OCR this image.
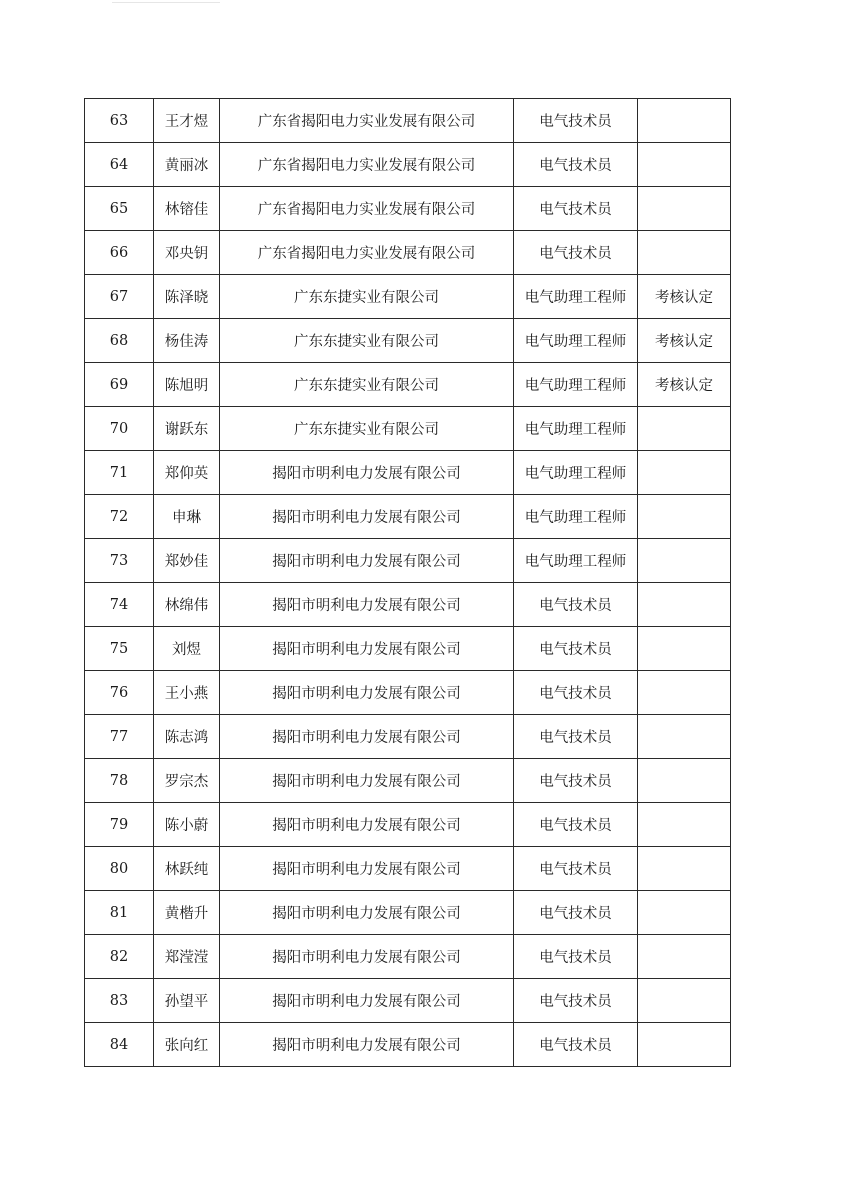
63	王才煜	广东省揭阳电力实业发展有限公司	电气技术员	
64	黄丽冰	广东省揭阳电力实业发展有限公司	电气技术员	
65	林镕佳	广东省揭阳电力实业发展有限公司	电气技术员	
66	邓央钥	广东省揭阳电力实业发展有限公司	电气技术员	
67	陈泽晓	广东东捷实业有限公司	电气助理工程师	考核认定
68	杨佳涛	广东东捷实业有限公司	电气助理工程师	考核认定
69	陈旭明	广东东捷实业有限公司	电气助理工程师	考核认定
70	谢跃东	广东东捷实业有限公司	电气助理工程师	
71	郑仰英	揭阳市明利电力发展有限公司	电气助理工程师	
72	申琳	揭阳市明利电力发展有限公司	电气助理工程师	
73	郑妙佳	揭阳市明利电力发展有限公司	电气助理工程师	
74	林绵伟	揭阳市明利电力发展有限公司	电气技术员	
75	刘煜	揭阳市明利电力发展有限公司	电气技术员	
76	王小燕	揭阳市明利电力发展有限公司	电气技术员	
77	陈志鸿	揭阳市明利电力发展有限公司	电气技术员	
78	罗宗杰	揭阳市明利电力发展有限公司	电气技术员	
79	陈小蔚	揭阳市明利电力发展有限公司	电气技术员	
80	林跃纯	揭阳市明利电力发展有限公司	电气技术员	
81	黄楷升	揭阳市明利电力发展有限公司	电气技术员	
82	郑滢滢	揭阳市明利电力发展有限公司	电气技术员	
83	孙望平	揭阳市明利电力发展有限公司	电气技术员	
84	张向红	揭阳市明利电力发展有限公司	电气技术员	
